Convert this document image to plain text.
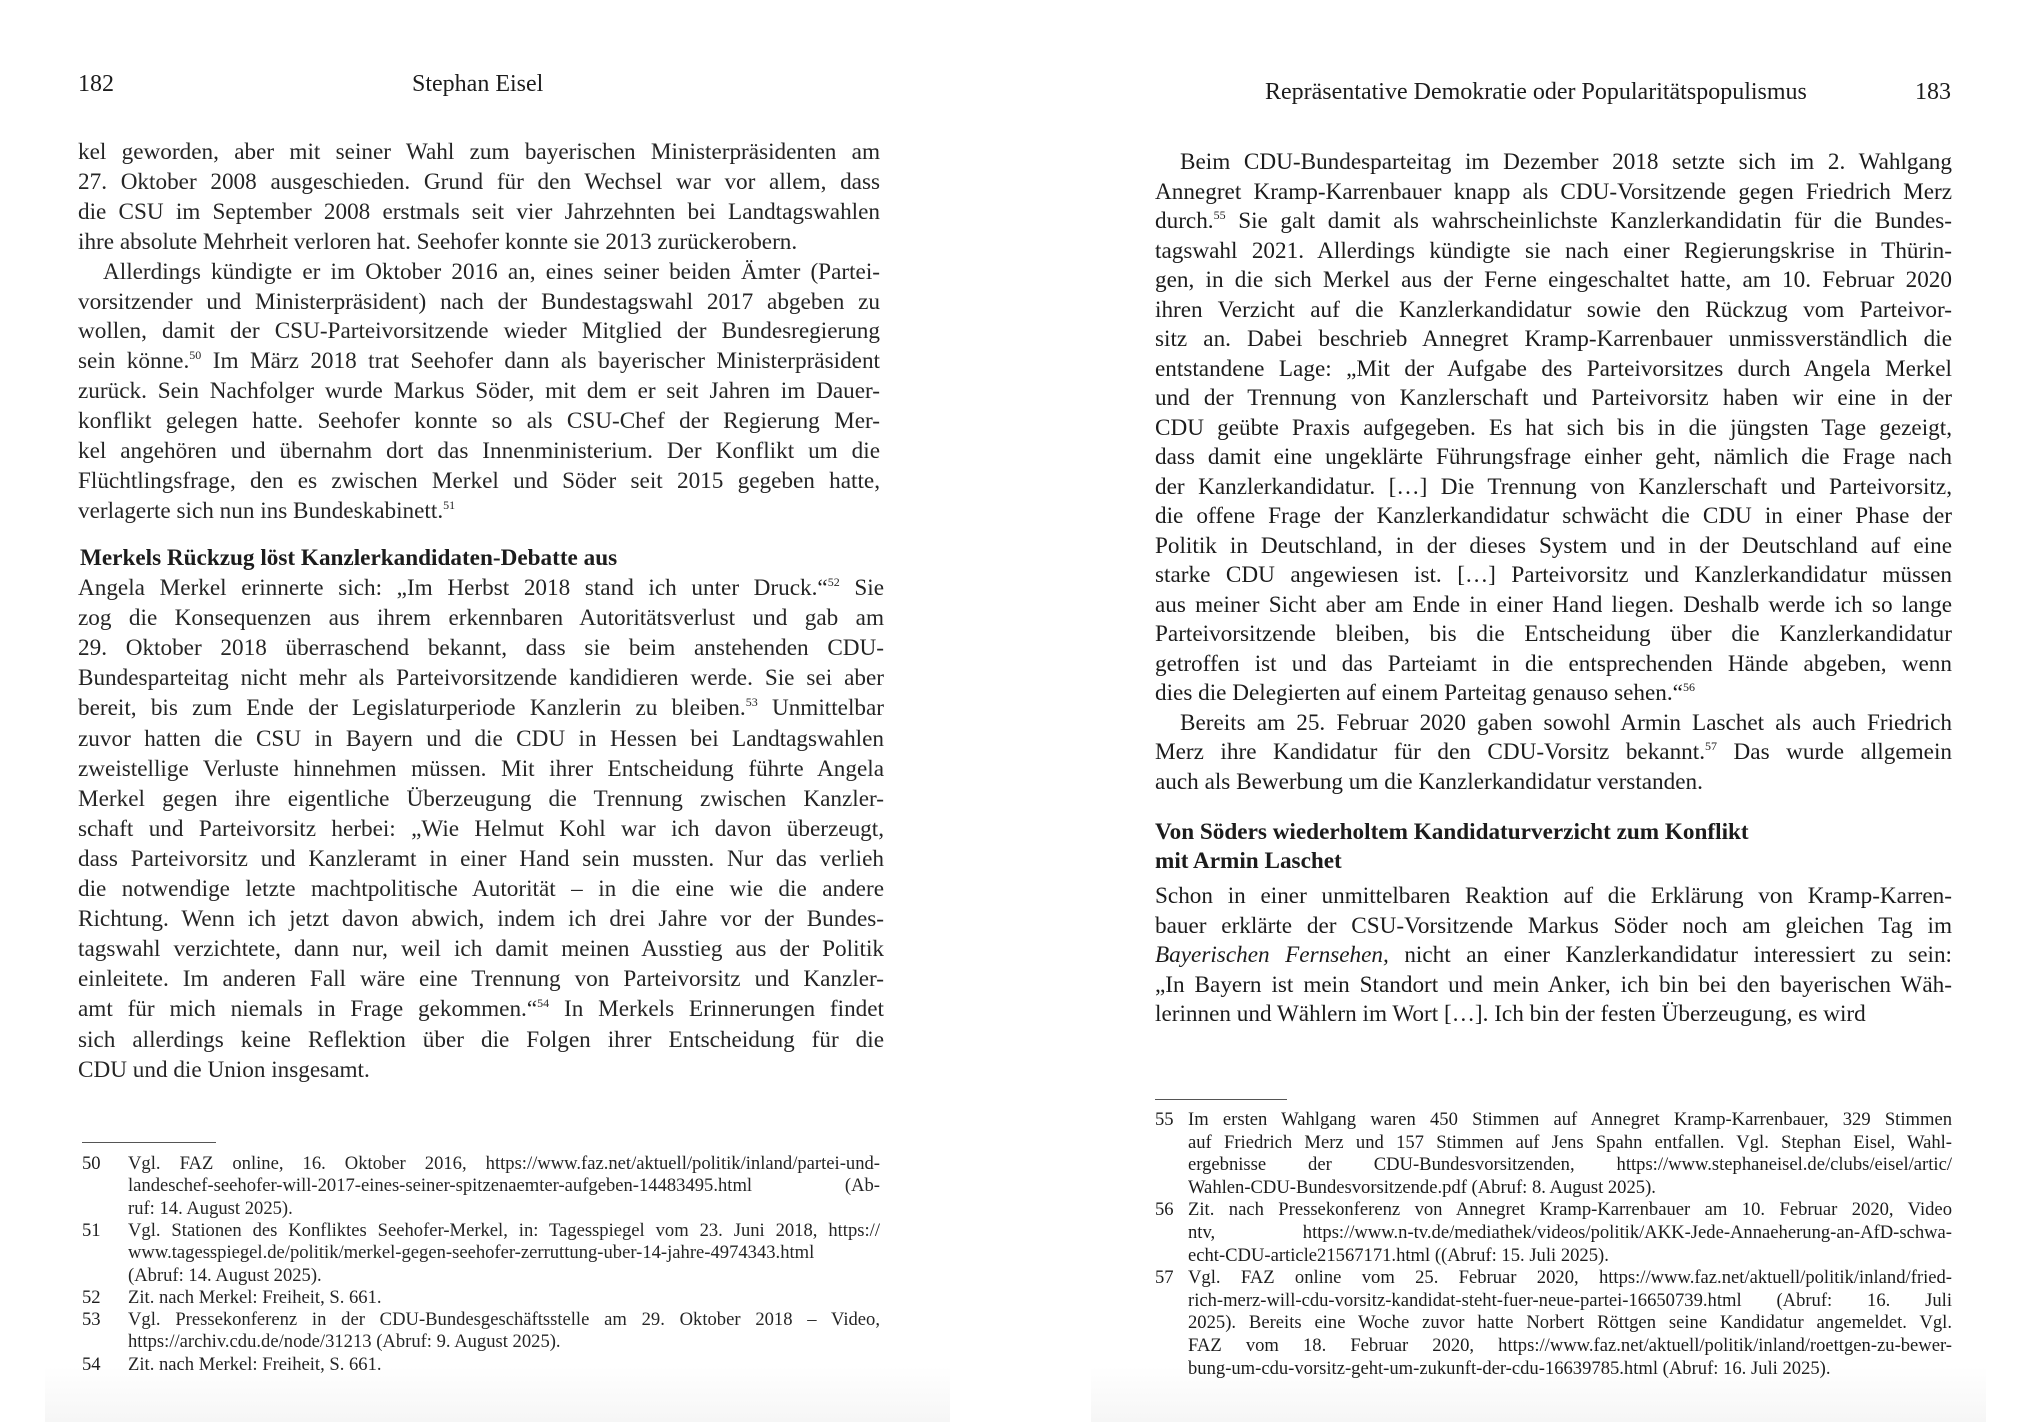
182	Stephan Eisel
kel geworden, aber mit seiner Wahl zum bayerischen Ministerpräsidenten am
27. Oktober 2008 ausgeschieden. Grund für den Wechsel war vor allem, dass
die CSU im September 2008 erstmals seit vier Jahrzehnten bei Landtagswahlen
ihre absolute Mehrheit verloren hat. Seehofer konnte sie 2013 zurückerobern.
Allerdings kündigte er im Oktober 2016 an, eines seiner beiden Ämter (Partei-
vorsitzender und Ministerpräsident) nach der Bundestagswahl 2017 abgeben zu
wollen, damit der CSU-Parteivorsitzende wieder Mitglied der Bundesregierung
sein könne.$^{50}$ Im März 2018 trat Seehofer dann als bayerischer Ministerpräsident
zurück. Sein Nachfolger wurde Markus Söder, mit dem er seit Jahren im Dauer-
konflikt gelegen hatte. Seehofer konnte so als CSU-Chef der Regierung Mer-
kel angehören und übernahm dort das Innenministerium. Der Konflikt um die
Flüchtlingsfrage, den es zwischen Merkel und Söder seit 2015 gegeben hatte,
verlagerte sich nun ins Bundeskabinett.$^{51}$
Angela Merkel erinnerte sich: „Im Herbst 2018 stand ich unter Druck.“$^{52}$ Sie
zog die Konsequenzen aus ihrem erkennbaren Autoritätsverlust und gab am
29. Oktober 2018 überraschend bekannt, dass sie beim anstehenden CDU-
Bundesparteitag nicht mehr als Parteivorsitzende kandidieren werde. Sie sei aber
bereit, bis zum Ende der Legislaturperiode Kanzlerin zu bleiben.$^{53}$ Unmittelbar
zuvor hatten die CSU in Bayern und die CDU in Hessen bei Landtagswahlen
zweistellige Verluste hinnehmen müssen. Mit ihrer Entscheidung führte Angela
Merkel gegen ihre eigentliche Überzeugung die Trennung zwischen Kanzler-
schaft und Parteivorsitz herbei: „Wie Helmut Kohl war ich davon überzeugt,
dass Parteivorsitz und Kanzleramt in einer Hand sein mussten. Nur das verlieh
die notwendige letzte machtpolitische Autorität – in die eine wie die andere
Richtung. Wenn ich jetzt davon abwich, indem ich drei Jahre vor der Bundes-
tagswahl verzichtete, dann nur, weil ich damit meinen Ausstieg aus der Politik
einleitete. Im anderen Fall wäre eine Trennung von Parteivorsitz und Kanzler-
amt für mich niemals in Frage gekommen.“$^{54}$ In Merkels Erinnerungen findet
sich allerdings keine Reflektion über die Folgen ihrer Entscheidung für die
CDU und die Union insgesamt.
Merkels Rückzug löst Kanzlerkandidaten-Debatte aus
50 Vgl. FAZ online, 16. Oktober 2016, https://www.faz.net/aktuell/politik/inland/partei-und-
landeschef-seehofer-will-2017-eines-seiner-spitzenaemter-aufgeben-14483495.html (Ab-
ruf: 14. August 2025).
51 Vgl. Stationen des Konfliktes Seehofer-Merkel, in: Tagesspiegel vom 23. Juni 2018, https://
www.tagesspiegel.de/politik/merkel-gegen-seehofer-zerruttung-uber-14-jahre-4974343.html
(Abruf: 14. August 2025).
52 Zit. nach Merkel: Freiheit, S. 661.
53 Vgl. Pressekonferenz in der CDU-Bundesgeschäftsstelle am 29. Oktober 2018 – Video,
https://archiv.cdu.de/node/31213 (Abruf: 9. August 2025).
54 Zit. nach Merkel: Freiheit, S. 661.
Repräsentative Demokratie oder Popularitätspopulismus	183
Beim CDU-Bundesparteitag im Dezember 2018 setzte sich im 2. Wahlgang
Annegret Kramp-Karrenbauer knapp als CDU-Vorsitzende gegen Friedrich Merz
durch.$^{55}$ Sie galt damit als wahrscheinlichste Kanzlerkandidatin für die Bundes-
tagswahl 2021. Allerdings kündigte sie nach einer Regierungskrise in Thürin-
gen, in die sich Merkel aus der Ferne eingeschaltet hatte, am 10. Februar 2020
ihren Verzicht auf die Kanzlerkandidatur sowie den Rückzug vom Parteivor-
sitz an. Dabei beschrieb Annegret Kramp-Karrenbauer unmissverständlich die
entstandene Lage: „Mit der Aufgabe des Parteivorsitzes durch Angela Merkel
und der Trennung von Kanzlerschaft und Parteivorsitz haben wir eine in der
CDU geübte Praxis aufgegeben. Es hat sich bis in die jüngsten Tage gezeigt,
dass damit eine ungeklärte Führungsfrage einher geht, nämlich die Frage nach
der Kanzlerkandidatur. […] Die Trennung von Kanzlerschaft und Parteivorsitz,
die offene Frage der Kanzlerkandidatur schwächt die CDU in einer Phase der
Politik in Deutschland, in der dieses System und in der Deutschland auf eine
starke CDU angewiesen ist. […] Parteivorsitz und Kanzlerkandidatur müssen
aus meiner Sicht aber am Ende in einer Hand liegen. Deshalb werde ich so lange
Parteivorsitzende bleiben, bis die Entscheidung über die Kanzlerkandidatur
getroffen ist und das Parteiamt in die entsprechenden Hände abgeben, wenn
dies die Delegierten auf einem Parteitag genauso sehen.“$^{56}$
Bereits am 25. Februar 2020 gaben sowohl Armin Laschet als auch Friedrich
Merz ihre Kandidatur für den CDU-Vorsitz bekannt.$^{57}$ Das wurde allgemein
auch als Bewerbung um die Kanzlerkandidatur verstanden.
Schon in einer unmittelbaren Reaktion auf die Erklärung von Kramp-Karren-
bauer erklärte der CSU-Vorsitzende Markus Söder noch am gleichen Tag im
Bayerischen Fernsehen, nicht an einer Kanzlerkandidatur interessiert zu sein:
„In Bayern ist mein Standort und mein Anker, ich bin bei den bayerischen Wäh-
lerinnen und Wählern im Wort […]. Ich bin der festen Überzeugung, es wird
Von Söders wiederholtem Kandidaturverzicht zum Konflikt
mit Armin Laschet
55 Im ersten Wahlgang waren 450 Stimmen auf Annegret Kramp-Karrenbauer, 329 Stimmen
auf Friedrich Merz und 157 Stimmen auf Jens Spahn entfallen. Vgl. Stephan Eisel, Wahl-
ergebnisse der CDU-Bundesvorsitzenden, https://www.stephaneisel.de/clubs/eisel/artic/
Wahlen-CDU-Bundesvorsitzende.pdf (Abruf: 8. August 2025).
56 Zit. nach Pressekonferenz von Annegret Kramp-Karrenbauer am 10. Februar 2020, Video
ntv, https://www.n-tv.de/mediathek/videos/politik/AKK-Jede-Annaeherung-an-AfD-schwa-
echt-CDU-article21567171.html ((Abruf: 15. Juli 2025).
57 Vgl. FAZ online vom 25. Februar 2020, https://www.faz.net/aktuell/politik/inland/fried-
rich-merz-will-cdu-vorsitz-kandidat-steht-fuer-neue-partei-16650739.html (Abruf: 16. Juli
2025). Bereits eine Woche zuvor hatte Norbert Röttgen seine Kandidatur angemeldet. Vgl.
FAZ vom 18. Februar 2020, https://www.faz.net/aktuell/politik/inland/roettgen-zu-bewer-
bung-um-cdu-vorsitz-geht-um-zukunft-der-cdu-16639785.html (Abruf: 16. Juli 2025).
